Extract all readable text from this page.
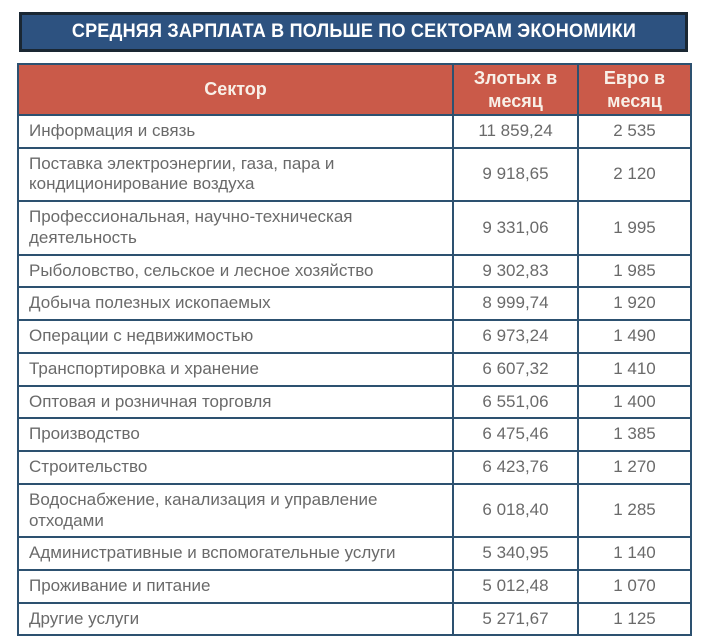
СРЕДНЯЯ ЗАРПЛАТА В ПОЛЬШЕ ПО СЕКТОРАМ ЭКОНОМИКИ
Сектор	Злотых в месяц	Евро в месяц
Информация и связь	11 859,24	2 535
Поставка электроэнергии, газа, пара и кондиционирование воздуха	9 918,65	2 120
Профессиональная, научно-техническая деятельность	9 331,06	1 995
Рыболовство, сельское и лесное хозяйство	9 302,83	1 985
Добыча полезных ископаемых	8 999,74	1 920
Операции с недвижимостью	6 973,24	1 490
Транспортировка и хранение	6 607,32	1 410
Оптовая и розничная торговля	6 551,06	1 400
Производство	6 475,46	1 385
Строительство	6 423,76	1 270
Водоснабжение, канализация и управление отходами	6 018,40	1 285
Административные и вспомогательные услуги	5 340,95	1 140
Проживание и питание	5 012,48	1 070
Другие услуги	5 271,67	1 125
